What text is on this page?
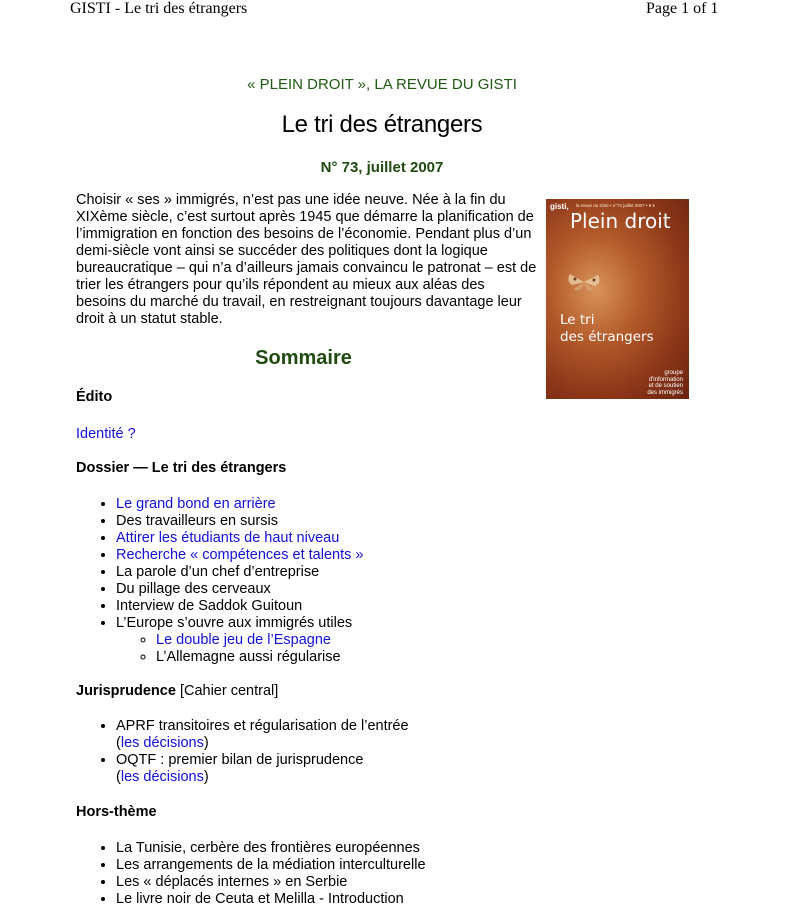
GISTI - Le tri des étrangers	Page 1 of 1
« PLEIN DROIT », LA REVUE DU GISTI
Le tri des étrangers
N° 73, juillet 2007
Choisir « ses » immigrés, n’est pas une idée neuve. Née à la fin du XIXème siècle, c’est surtout après 1945 que démarre la planification de l’immigration en fonction des besoins de l’économie. Pendant plus d’un demi-siècle vont ainsi se succéder des politiques dont la logique bureaucratique – qui n’a d’ailleurs jamais convaincu le patronat – est de trier les étrangers pour qu’ils répondent au mieux aux aléas des besoins du marché du travail, en restreignant toujours davantage leur droit à un statut stable.
gisti, la revue du Gisti • n°73 juillet 2007 • 9 €
Plein droit
Le tri
des étrangers
groupe
d'information
et de soutien
des immigrés
Sommaire
Édito
Identité ?
Dossier — Le tri des étrangers
• Le grand bond en arrière
• Des travailleurs en sursis
• Attirer les étudiants de haut niveau
• Recherche « compétences et talents »
• La parole d’un chef d’entreprise
• Du pillage des cerveaux
• Interview de Saddok Guitoun
• L’Europe s’ouvre aux immigrés utiles
◦ Le double jeu de l’Espagne
◦ L’Allemagne aussi régularise
Jurisprudence [Cahier central]
• APRF transitoires et régularisation de l’entrée
(les décisions)
• OQTF : premier bilan de jurisprudence
(les décisions)
Hors-thème
• La Tunisie, cerbère des frontières européennes
• Les arrangements de la médiation interculturelle
• Les « déplacés internes » en Serbie
• Le livre noir de Ceuta et Melilla - Introduction
